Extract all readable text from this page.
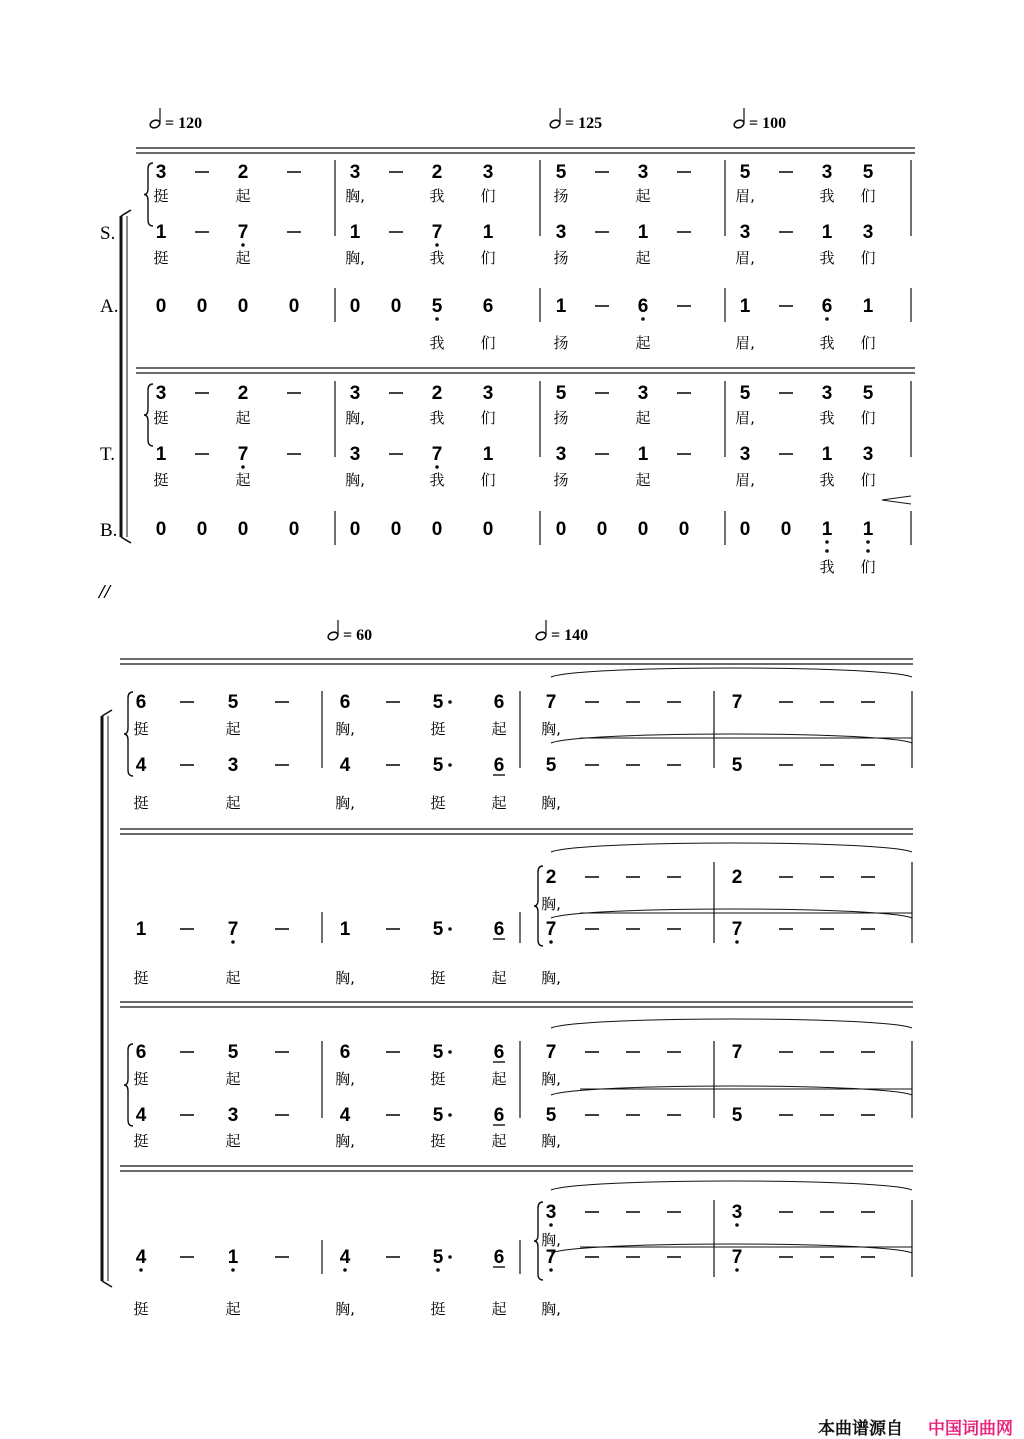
= 120	= 125	= 100
S.
A.
T.
B.
3	2	3	2 3	5	3	5	3 5
挺	起	胸,	我 们	扬	起	眉,	我 们
1	7	1	7 1	3	1	3	1 3
挺	起	胸,	我 们	扬	起	眉,	我 们
0 0 0 0	0 0 5 6	1	6	1	6 1
我 们	扬	起	眉,	我 们
3	2	3	2 3	5	3	5	3 5
挺	起	胸,	我 们	扬	起	眉,	我 们
1	7	3	7 1	3	1	3	1 3
挺	起	胸,	我 们	扬	起	眉,	我 们
0 0 0 0	0 0 0 0	0 0 0 0	0 0 1 1
我 们
//
= 60	= 140
6	5	6	5	6 7	7
挺	起	胸,	挺	起 胸,
4	3	4	5	6 5	5
挺	起	胸,	挺	起 胸,
2	2
胸,
1	7	1	5	6 7	7
挺	起	胸,	挺	起 胸,
6	5	6	5	6 7	7
挺	起	胸,	挺	起 胸,
4	3	4	5	6 5	5
挺	起	胸,	挺	起 胸,
3	3
胸,
4	1	4	5	6 7	7
挺	起	胸,	挺	起 胸,
本曲谱源自 中国词曲网
